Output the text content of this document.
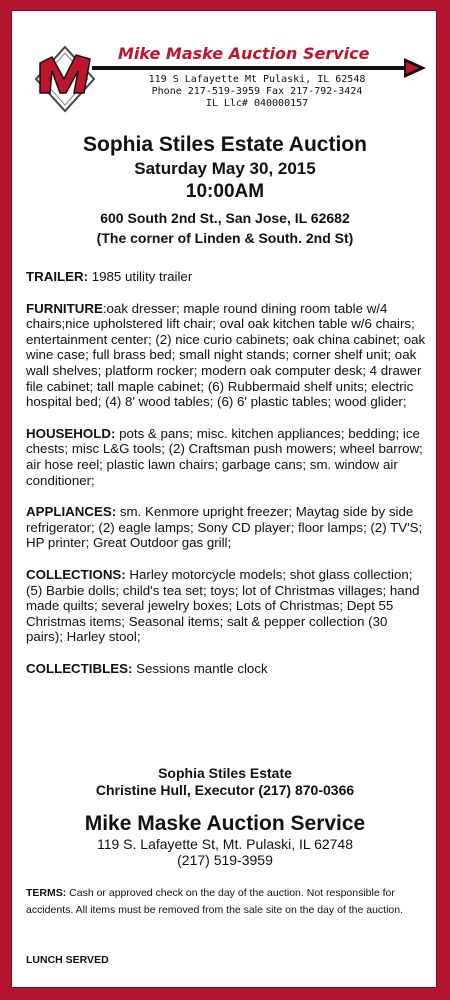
Mike Maske Auction Service
119 S Lafayette Mt Pulaski, IL 62548
Phone 217-519-3959 Fax 217-792-3424
IL Llc# 040000157
Sophia Stiles Estate Auction
Saturday May 30, 2015
10:00AM
600 South 2nd St., San Jose, IL 62682
(The corner of Linden & South. 2nd St)

TRAILER: 1985 utility trailer

FURNITURE:oak dresser; maple round dining room table w/4 chairs;nice upholstered lift chair; oval oak kitchen table w/6 chairs; entertainment center; (2) nice curio cabinets; oak china cabinet; oak wine case; full brass bed; small night stands; corner shelf unit; oak wall shelves; platform rocker; modern oak computer desk; 4 drawer file cabinet; tall maple cabinet; (6) Rubbermaid shelf units; electric hospital bed; (4) 8' wood tables; (6) 6' plastic tables; wood glider;

HOUSEHOLD: pots & pans; misc. kitchen appliances; bedding; ice chests; misc L&G tools; (2) Craftsman push mowers; wheel barrow; air hose reel; plastic lawn chairs; garbage cans; sm. window air conditioner;

APPLIANCES: sm. Kenmore upright freezer; Maytag side by side refrigerator; (2) eagle lamps; Sony CD player; floor lamps; (2) TV'S; HP printer; Great Outdoor gas grill;

COLLECTIONS: Harley motorcycle models; shot glass collection; (5) Barbie dolls; child's tea set; toys; lot of Christmas villages; hand made quilts; several jewelry boxes; Lots of Christmas; Dept 55 Christmas items; Seasonal items; salt & pepper collection (30 pairs); Harley stool;

COLLECTIBLES: Sessions mantle clock

Sophia Stiles Estate
Christine Hull, Executor (217) 870-0366
Mike Maske Auction Service
119 S. Lafayette St, Mt. Pulaski, IL 62748
(217) 519-3959
TERMS: Cash or approved check on the day of the auction. Not responsible for accidents. All items must be removed from the sale site on the day of the auction.
LUNCH SERVED
